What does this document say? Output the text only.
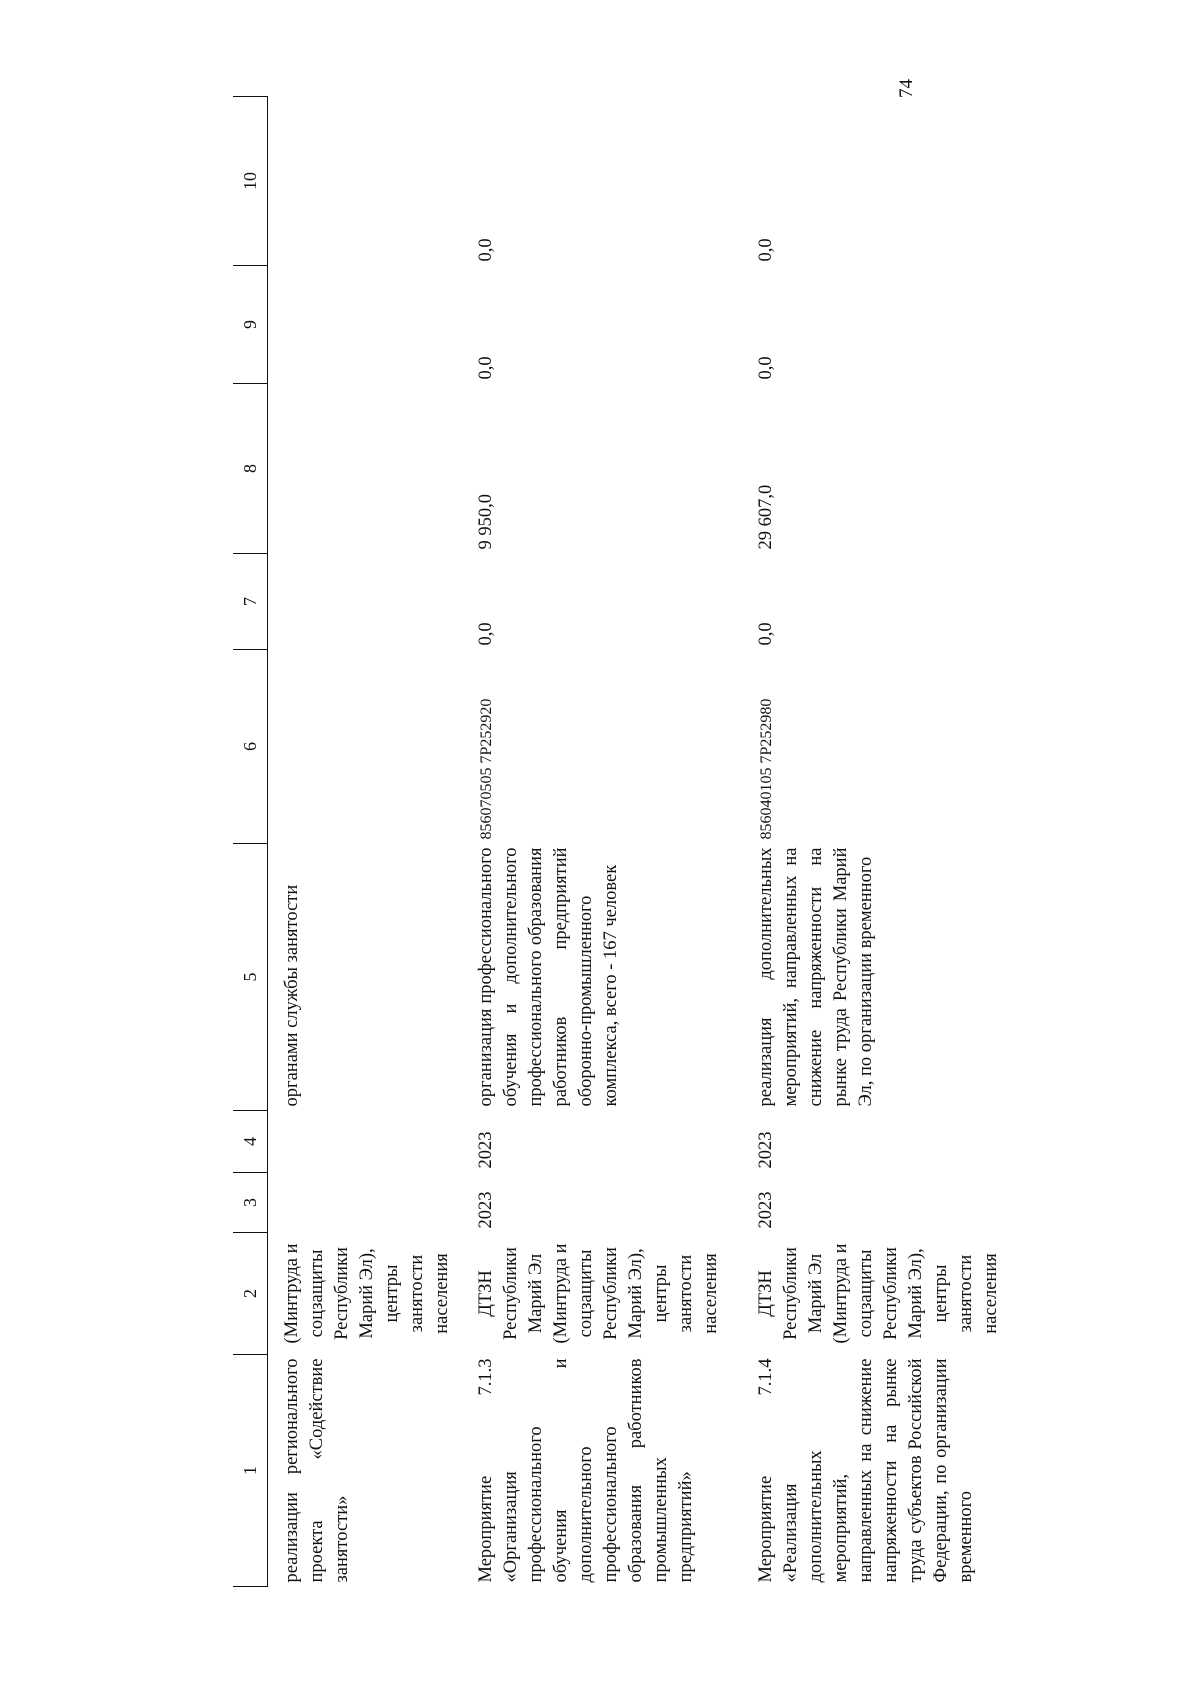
74
1	2	3	4	5	6	7	8	9	10
реализации регионального проекта «Содействие занятости»	(Минтруда и соцзащиты Республики Марий Эл), центры занятости населения			органами службы занятости					
Мероприятие 7.1.3 «Организация профессионального обучения и дополнительного профессионального образования работников промышленных предприятий»	ДТЗН Республики Марий Эл (Минтруда и соцзащиты Республики Марий Эл), центры занятости населения	2023	2023	организация профессионального обучения и дополнительного профессионального образования работников предприятий оборонно-промышленного комплекса, всего - 167 человек	856070505 7P252920	0,0	9 950,0	0,0	0,0
Мероприятие 7.1.4 «Реализация дополнительных мероприятий, направленных на снижение напряженности на рынке труда субъектов Российской Федерации, по организации временного	ДТЗН Республики Марий Эл (Минтруда и соцзащиты Республики Марий Эл), центры занятости населения	2023	2023	реализация дополнительных мероприятий, направленных на снижение напряженности на рынке труда Республики Марий Эл, по организации временного	856040105 7P252980	0,0	29 607,0	0,0	0,0
